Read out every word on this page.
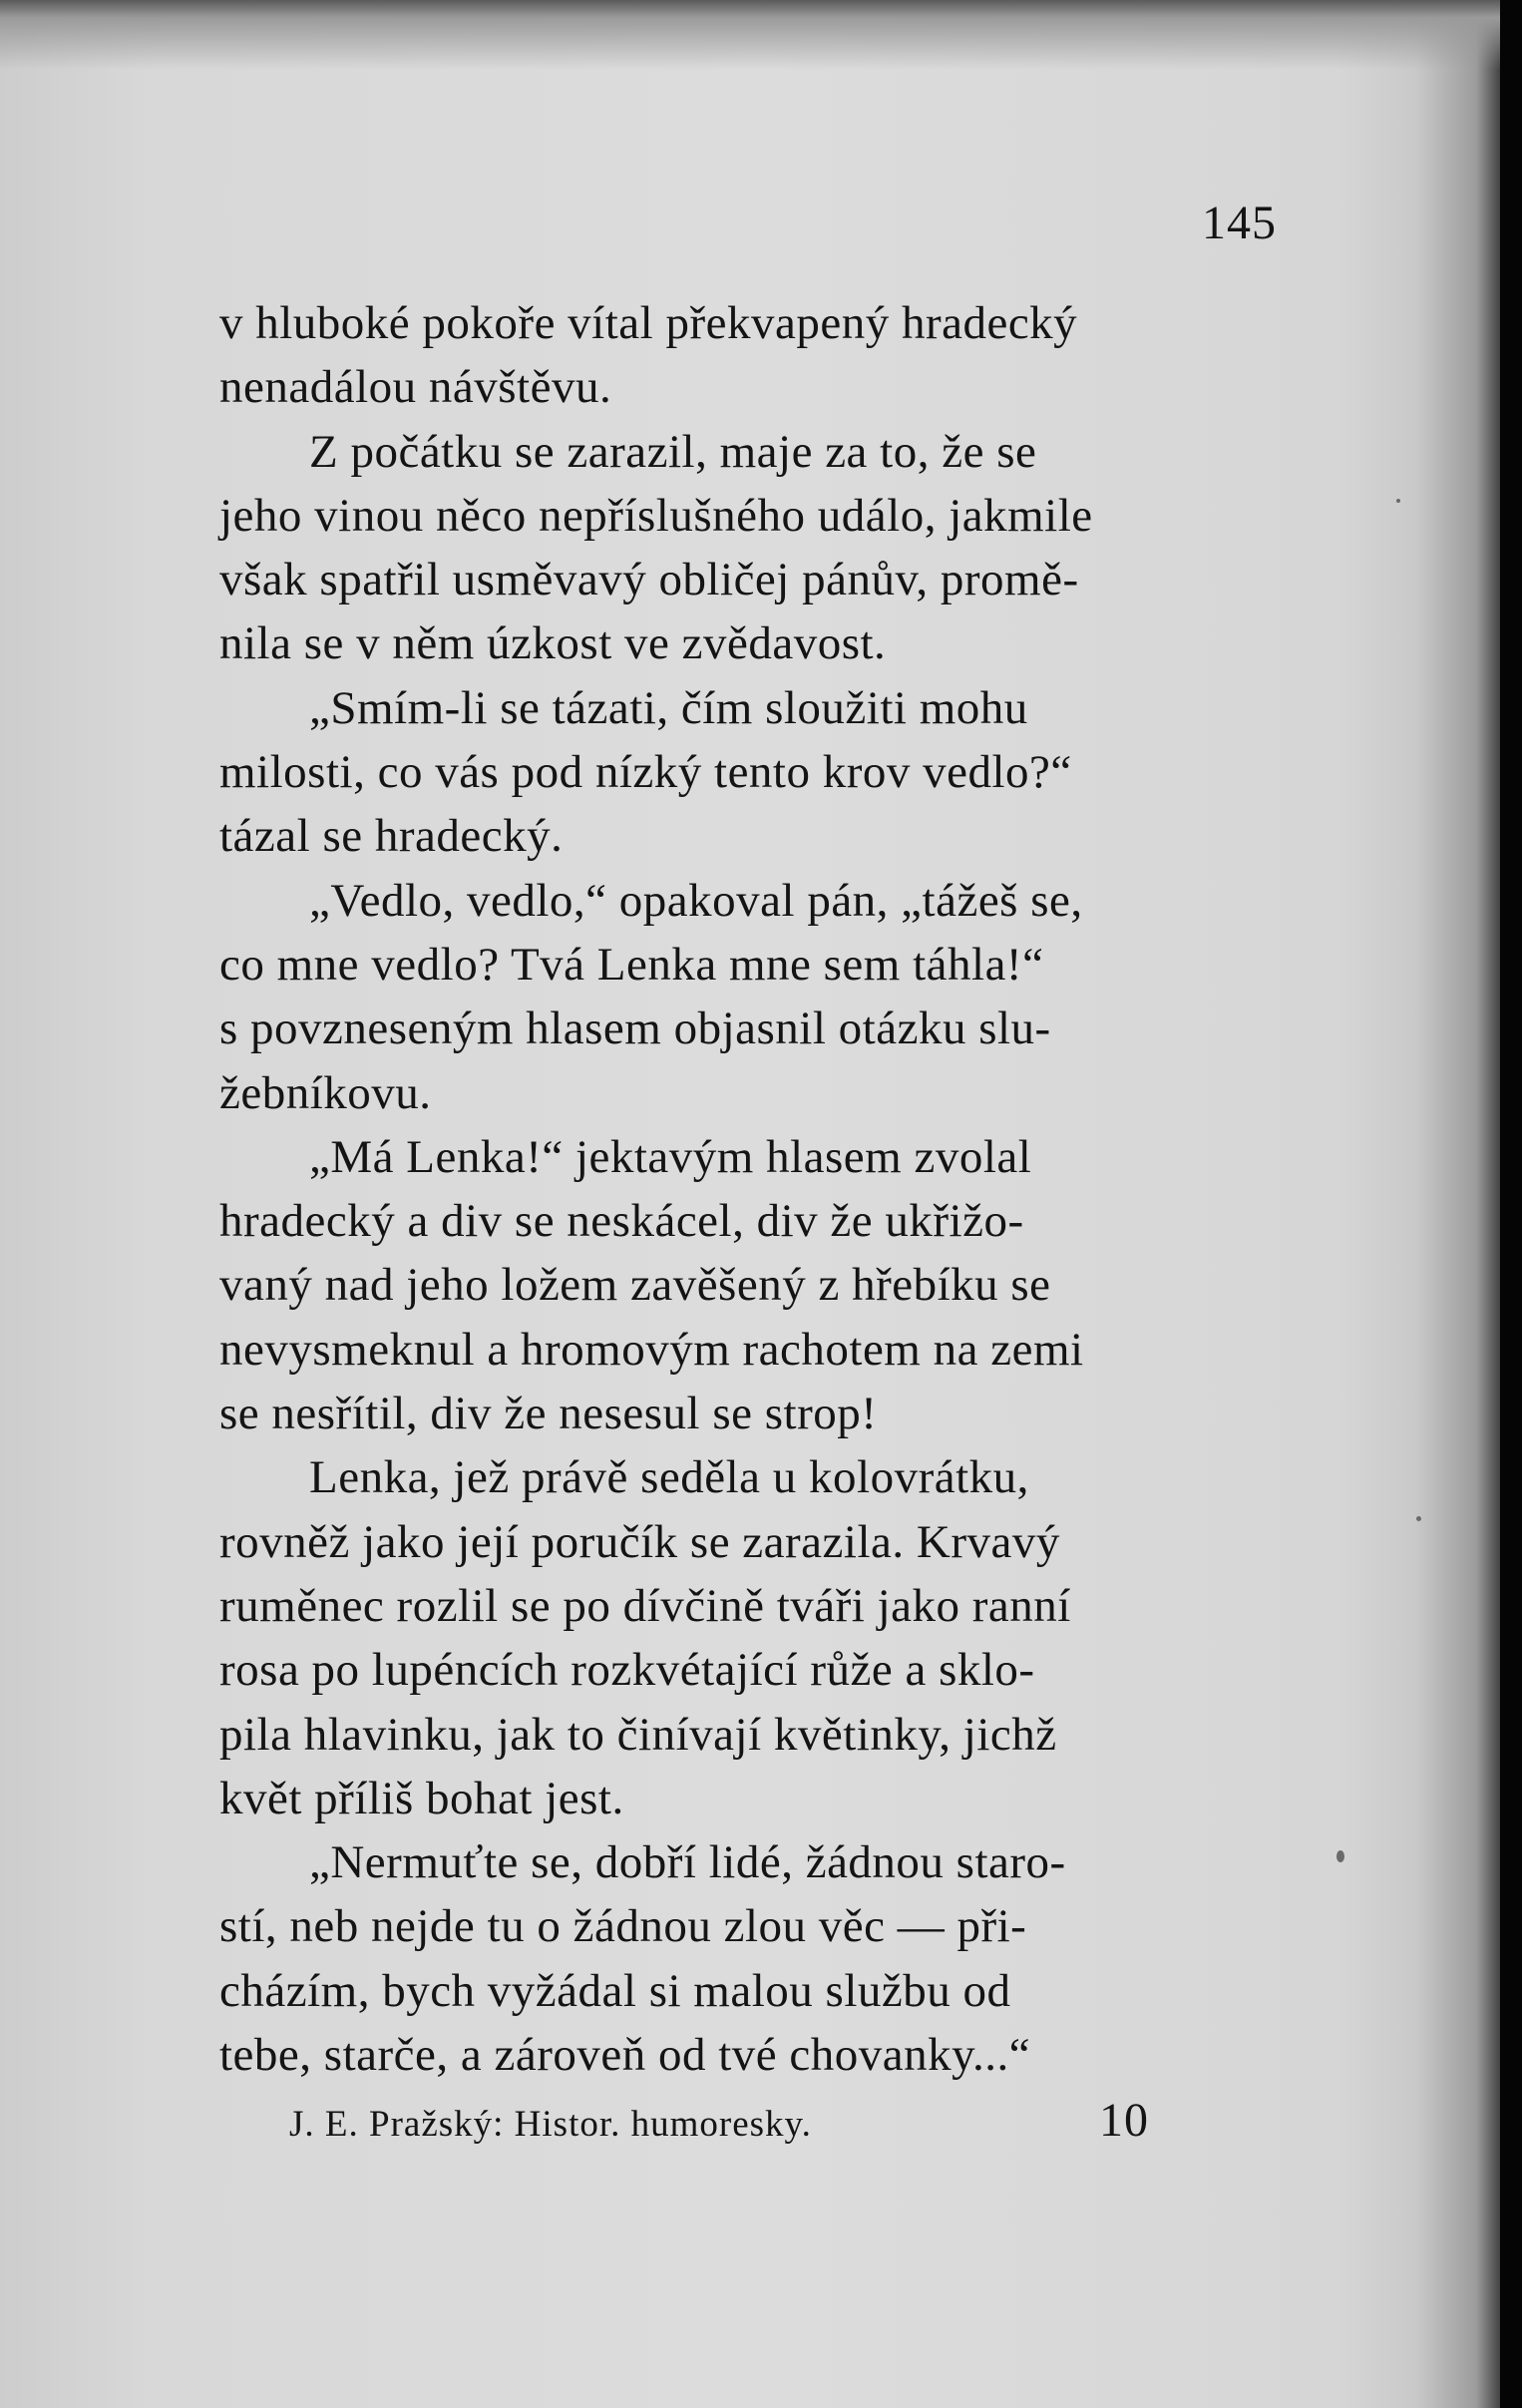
145
v hluboké pokoře vítal překvapený hradecký
nenadálou návštěvu.
Z počátku se zarazil, maje za to, že se
jeho vinou něco nepříslušného událo, jakmile
však spatřil usměvavý obličej pánův, promě-
nila se v něm úzkost ve zvědavost.
„Smím-li se tázati, čím sloužiti mohu
milosti, co vás pod nízký tento krov vedlo?“
tázal se hradecký.
„Vedlo, vedlo,“ opakoval pán, „tážeš se,
co mne vedlo? Tvá Lenka mne sem táhla!“
s povzneseným hlasem objasnil otázku slu-
žebníkovu.
„Má Lenka!“ jektavým hlasem zvolal
hradecký a div se neskácel, div že ukřižo-
vaný nad jeho ložem zavěšený z hřebíku se
nevysmeknul a hromovým rachotem na zemi
se nesřítil, div že nesesul se strop!
Lenka, jež právě seděla u kolovrátku,
rovněž jako její poručík se zarazila. Krvavý
ruměnec rozlil se po dívčině tváři jako ranní
rosa po lupéncích rozkvétající růže a sklo-
pila hlavinku, jak to činívají květinky, jichž
květ příliš bohat jest.
„Nermuťte se, dobří lidé, žádnou staro-
stí, neb nejde tu o žádnou zlou věc — při-
cházím, bych vyžádal si malou službu od
tebe, starče, a zároveň od tvé chovanky...“
J. E. Pražský: Histor. humoresky.	10
